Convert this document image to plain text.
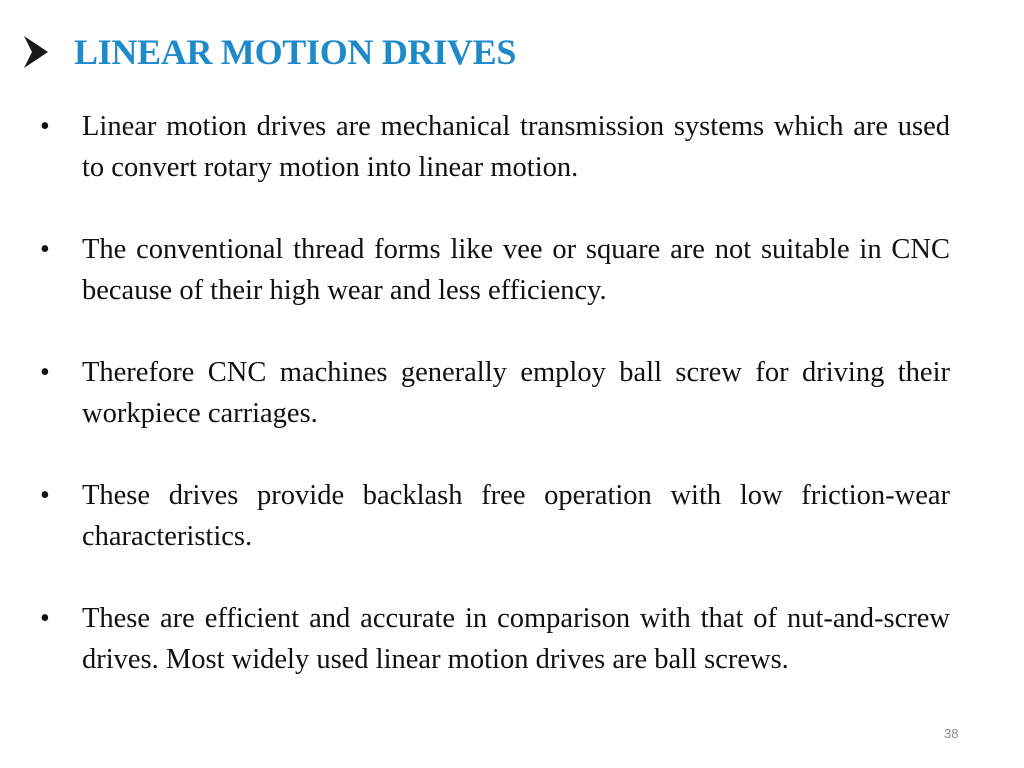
LINEAR MOTION DRIVES
•	Linear motion drives are mechanical transmission systems which are used to convert rotary motion into linear motion.
•	The conventional thread forms like vee or square are not suitable in CNC because of their high wear and less efficiency.
•	Therefore CNC machines generally employ ball screw for driving their workpiece carriages.
•	These drives provide backlash free operation with low friction-wear characteristics.
•	These are efficient and accurate in comparison with that of nut-and-screw drives. Most widely used linear motion drives are ball screws.
38
